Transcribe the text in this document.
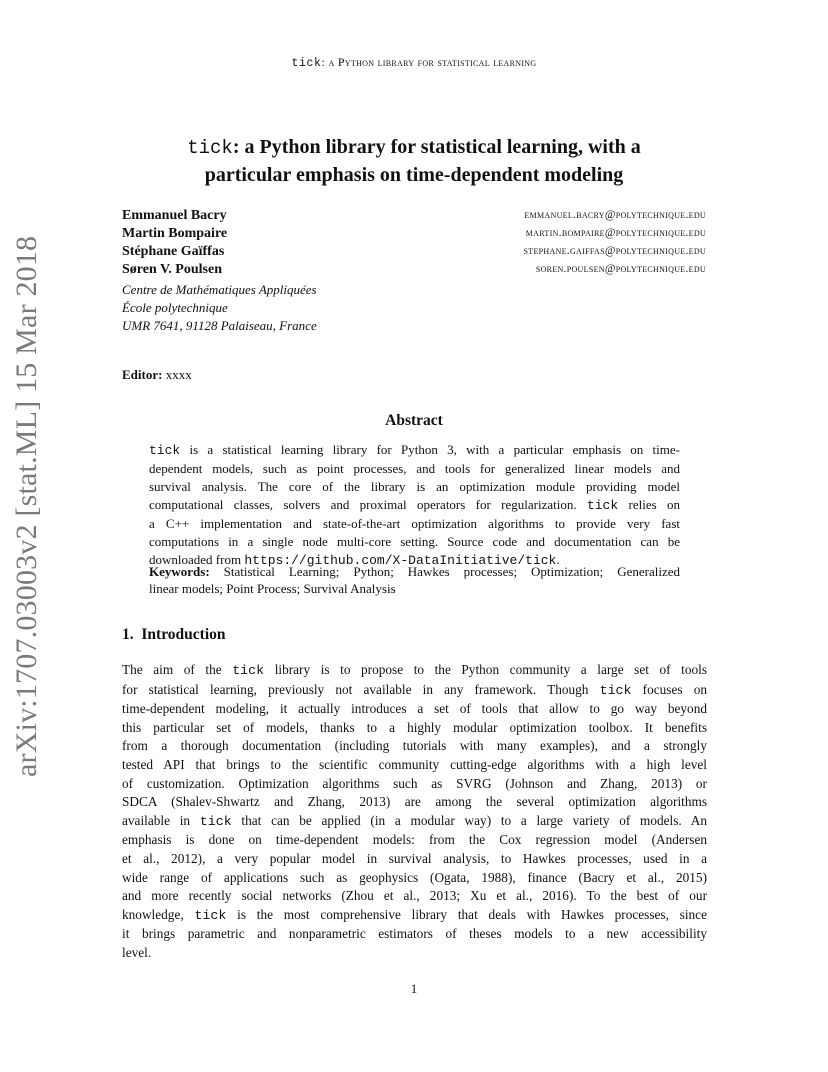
tick: a Python library for statistical learning
arXiv:1707.03003v2 [stat.ML] 15 Mar 2018
tick: a Python library for statistical learning, with a
particular emphasis on time-dependent modeling
Emmanuel Bacry	emmanuel.bacry@polytechnique.edu
Martin Bompaire	martin.bompaire@polytechnique.edu
Stéphane Gaïffas	stephane.gaiffas@polytechnique.edu
Søren V. Poulsen	soren.poulsen@polytechnique.edu
Centre de Mathématiques Appliquées
École polytechnique
UMR 7641, 91128 Palaiseau, France
Editor: xxxx
Abstract
tick is a statistical learning library for Python 3, with a particular emphasis on time-
dependent models, such as point processes, and tools for generalized linear models and
survival analysis. The core of the library is an optimization module providing model
computational classes, solvers and proximal operators for regularization. tick relies on
a C++ implementation and state-of-the-art optimization algorithms to provide very fast
computations in a single node multi-core setting. Source code and documentation can be
downloaded from https://github.com/X-DataInitiative/tick.
Keywords: Statistical Learning; Python; Hawkes processes; Optimization; Generalized
linear models; Point Process; Survival Analysis
1. Introduction
The aim of the tick library is to propose to the Python community a large set of tools
for statistical learning, previously not available in any framework. Though tick focuses on
time-dependent modeling, it actually introduces a set of tools that allow to go way beyond
this particular set of models, thanks to a highly modular optimization toolbox. It benefits
from a thorough documentation (including tutorials with many examples), and a strongly
tested API that brings to the scientific community cutting-edge algorithms with a high level
of customization. Optimization algorithms such as SVRG (Johnson and Zhang, 2013) or
SDCA (Shalev-Shwartz and Zhang, 2013) are among the several optimization algorithms
available in tick that can be applied (in a modular way) to a large variety of models. An
emphasis is done on time-dependent models: from the Cox regression model (Andersen
et al., 2012), a very popular model in survival analysis, to Hawkes processes, used in a
wide range of applications such as geophysics (Ogata, 1988), finance (Bacry et al., 2015)
and more recently social networks (Zhou et al., 2013; Xu et al., 2016). To the best of our
knowledge, tick is the most comprehensive library that deals with Hawkes processes, since
it brings parametric and nonparametric estimators of theses models to a new accessibility
level.
1
